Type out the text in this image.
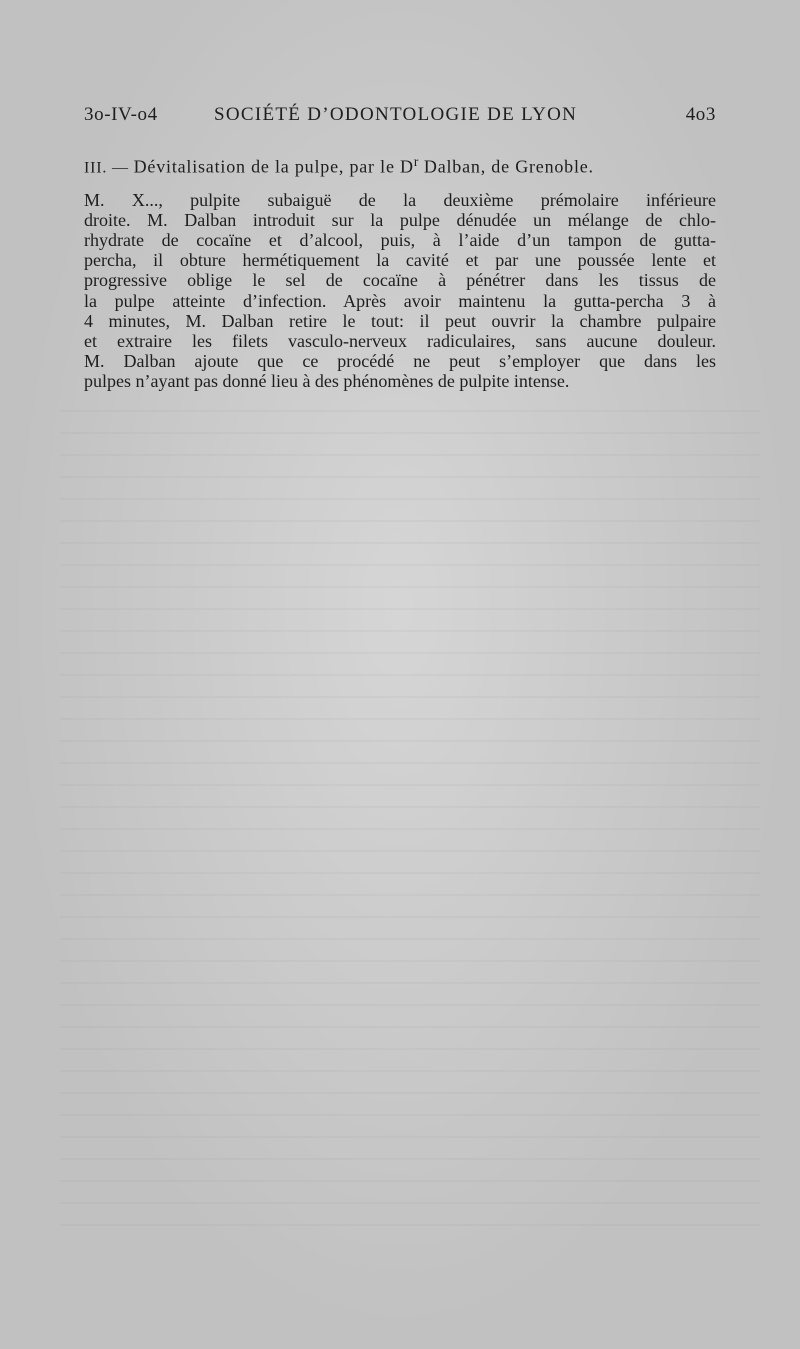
3o-IV-o4	SOCIÉTÉ D’ODONTOLOGIE DE LYON	4o3
III. — Dévitalisation de la pulpe, par le $D^r$ Dalban, de Grenoble.
M. X..., pulpite subaiguë de la deuxième prémolaire inférieure
droite. M. Dalban introduit sur la pulpe dénudée un mélange de chlo-
rhydrate de cocaïne et d’alcool, puis, à l’aide d’un tampon de gutta-
percha, il obture hermétiquement la cavité et par une poussée lente et
progressive oblige le sel de cocaïne à pénétrer dans les tissus de
la pulpe atteinte d’infection. Après avoir maintenu la gutta-percha 3 à
4 minutes, M. Dalban retire le tout: il peut ouvrir la chambre pulpaire
et extraire les filets vasculo-nerveux radiculaires, sans aucune douleur.
M. Dalban ajoute que ce procédé ne peut s’employer que dans les
pulpes n’ayant pas donné lieu à des phénomènes de pulpite intense.
